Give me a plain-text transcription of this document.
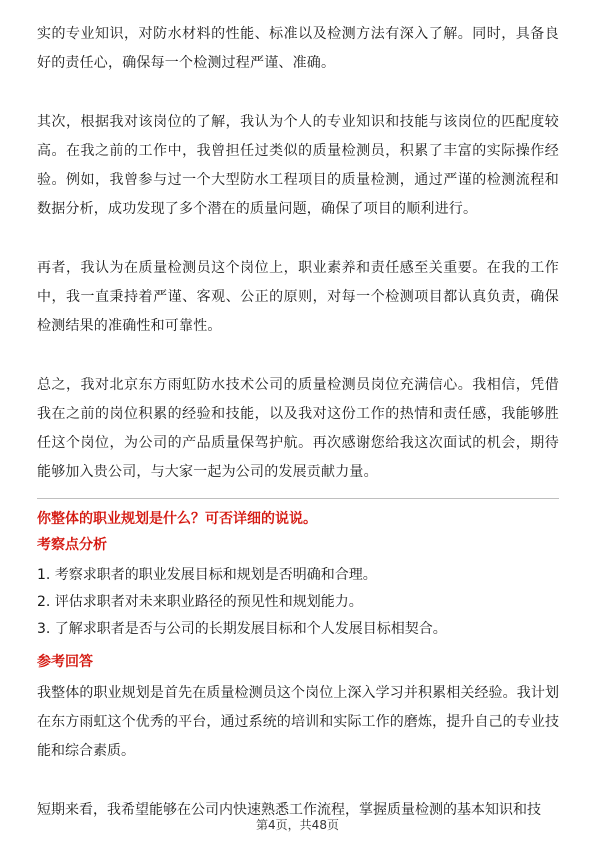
实的专业知识，对防水材料的性能、标准以及检测方法有深入了解。同时，具备良好的责任心，确保每一个检测过程严谨、准确。

其次，根据我对该岗位的了解，我认为个人的专业知识和技能与该岗位的匹配度较高。在我之前的工作中，我曾担任过类似的质量检测员，积累了丰富的实际操作经验。例如，我曾参与过一个大型防水工程项目的质量检测，通过严谨的检测流程和数据分析，成功发现了多个潜在的质量问题，确保了项目的顺利进行。

再者，我认为在质量检测员这个岗位上，职业素养和责任感至关重要。在我的工作中，我一直秉持着严谨、客观、公正的原则，对每一个检测项目都认真负责，确保检测结果的准确性和可靠性。

总之，我对北京东方雨虹防水技术公司的质量检测员岗位充满信心。我相信，凭借我在之前的岗位积累的经验和技能，以及我对这份工作的热情和责任感，我能够胜任这个岗位，为公司的产品质量保驾护航。再次感谢您给我这次面试的机会，期待能够加入贵公司，与大家一起为公司的发展贡献力量。

你整体的职业规划是什么？可否详细的说说。
考察点分析
1. 考察求职者的职业发展目标和规划是否明确和合理。
2. 评估求职者对未来职业路径的预见性和规划能力。
3. 了解求职者是否与公司的长期发展目标和个人发展目标相契合。
参考回答

我整体的职业规划是首先在质量检测员这个岗位上深入学习并积累相关经验。我计划在东方雨虹这个优秀的平台，通过系统的培训和实际工作的磨炼，提升自己的专业技能和综合素质。

短期来看，我希望能够在公司内快速熟悉工作流程，掌握质量检测的基本知识和技

第4页，共48页
